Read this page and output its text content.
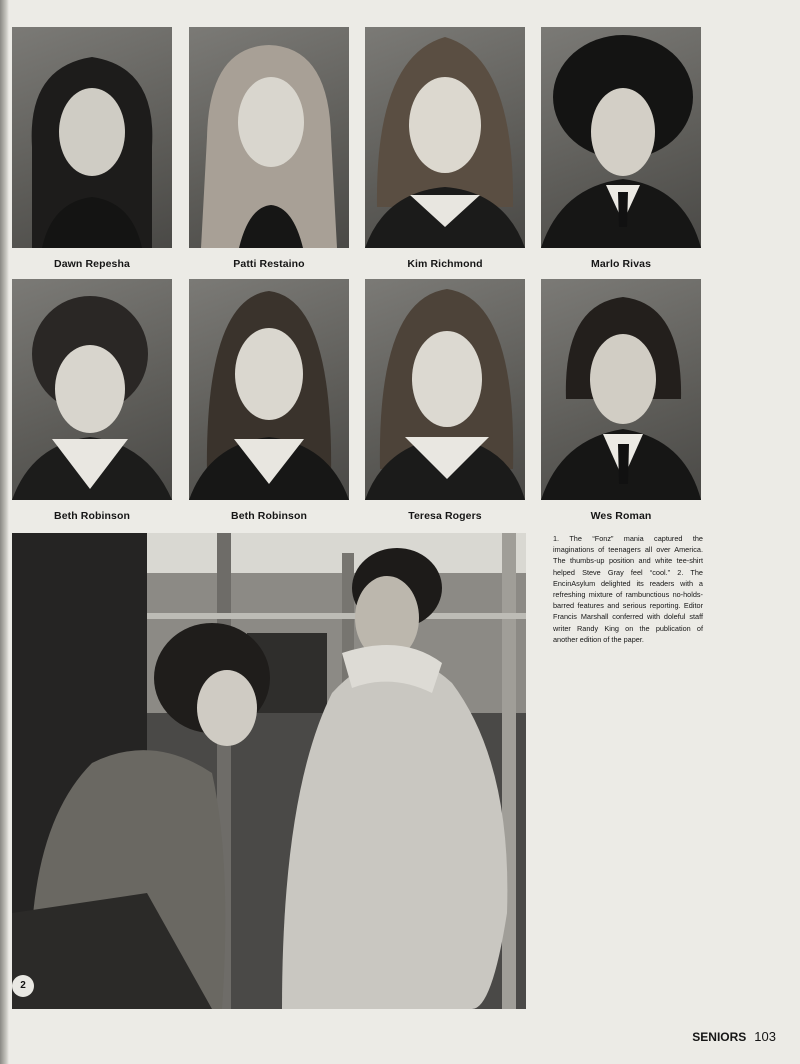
Dawn Repesha	Patti Restaino	Kim Richmond	Marlo Rivas
Beth Robinson	Beth Robinson	Teresa Rogers	Wes Roman
2
1. The “Fonz” mania captured the imaginations of teenagers all over America. The thumbs-up position and white tee-shirt helped Steve Gray feel “cool.” 2. The EncinAsylum delighted its readers with a refreshing mixture of rambunctious no-holds-barred features and serious reporting. Editor Francis Marshall conferred with doleful staff writer Randy King on the publication of another edition of the paper.
SENIORS 103
